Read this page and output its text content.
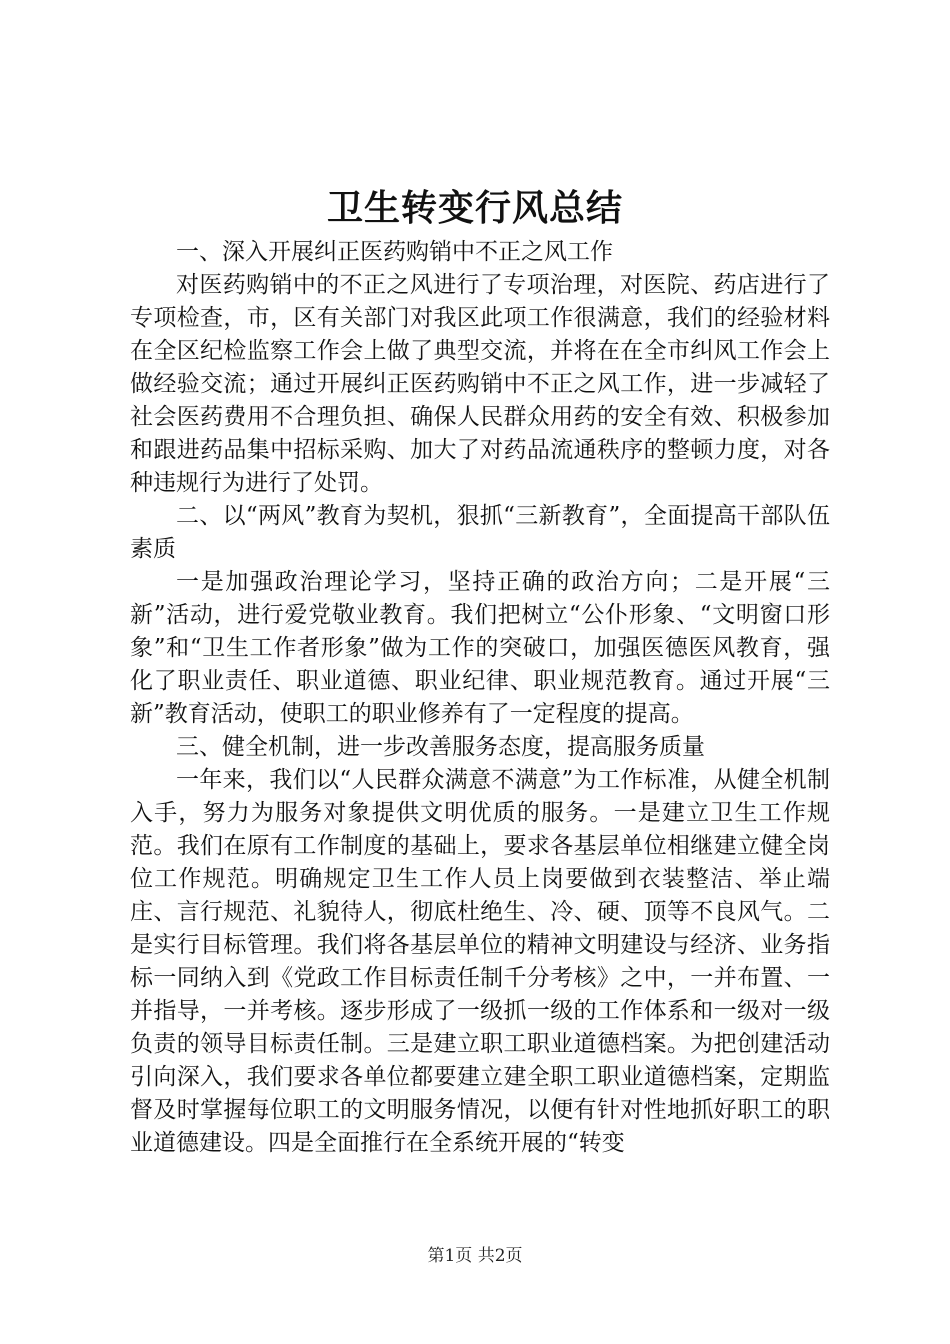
卫生转变行风总结

一、深入开展纠正医药购销中不正之风工作

对医药购销中的不正之风进行了专项治理，对医院、药店进行了专项检查，市，区有关部门对我区此项工作很满意，我们的经验材料在全区纪检监察工作会上做了典型交流，并将在在全市纠风工作会上做经验交流；通过开展纠正医药购销中不正之风工作，进一步减轻了社会医药费用不合理负担、确保人民群众用药的安全有效、积极参加和跟进药品集中招标采购、加大了对药品流通秩序的整顿力度，对各种违规行为进行了处罚。

二、以“两风”教育为契机，狠抓“三新教育”，全面提高干部队伍素质

一是加强政治理论学习，坚持正确的政治方向；二是开展“三新”活动，进行爱党敬业教育。我们把树立“公仆形象、“文明窗口形象”和“卫生工作者形象”做为工作的突破口，加强医德医风教育，强化了职业责任、职业道德、职业纪律、职业规范教育。通过开展“三新”教育活动，使职工的职业修养有了一定程度的提高。

三、健全机制，进一步改善服务态度，提高服务质量

一年来，我们以“人民群众满意不满意”为工作标准，从健全机制入手，努力为服务对象提供文明优质的服务。一是建立卫生工作规范。我们在原有工作制度的基础上，要求各基层单位相继建立健全岗位工作规范。明确规定卫生工作人员上岗要做到衣装整洁、举止端庄、言行规范、礼貌待人，彻底杜绝生、冷、硬、顶等不良风气。二是实行目标管理。我们将各基层单位的精神文明建设与经济、业务指标一同纳入到《党政工作目标责任制千分考核》之中，一并布置、一并指导，一并考核。逐步形成了一级抓一级的工作体系和一级对一级负责的领导目标责任制。三是建立职工职业道德档案。为把创建活动引向深入，我们要求各单位都要建立建全职工职业道德档案，定期监督及时掌握每位职工的文明服务情况，以便有针对性地抓好职工的职业道德建设。四是全面推行在全系统开展的“转变

第1页 共2页
